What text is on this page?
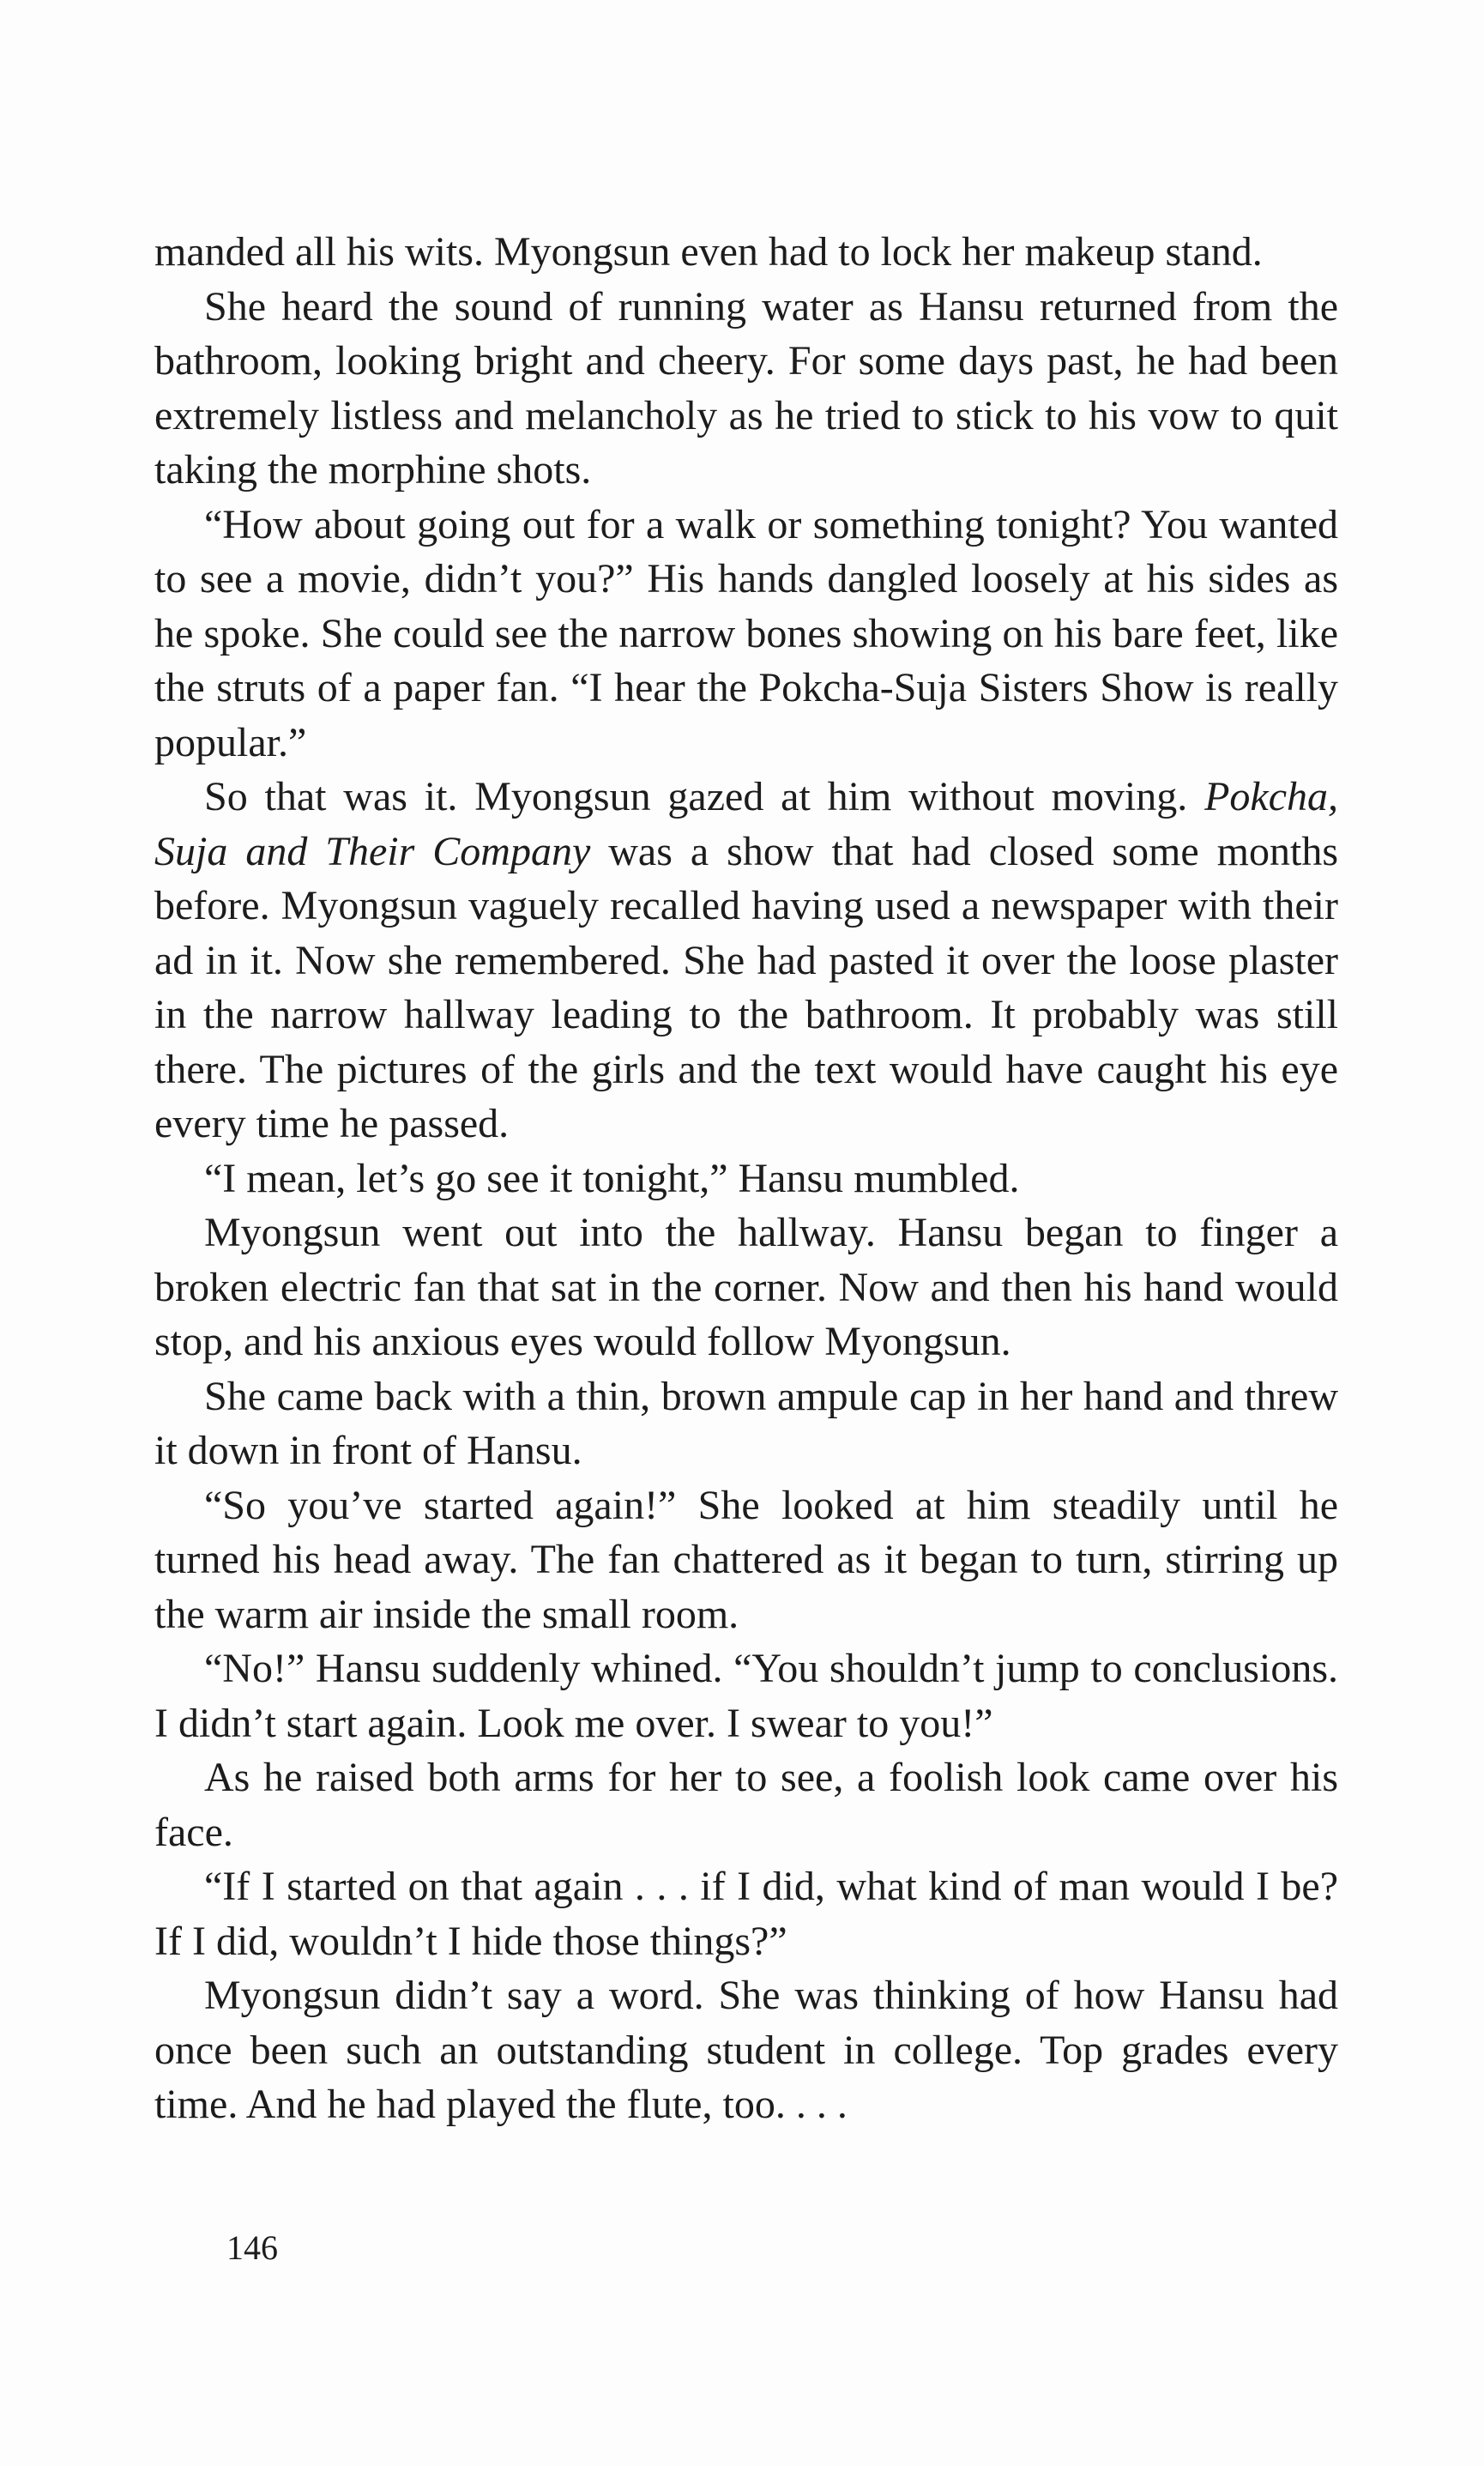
manded all his wits. Myongsun even had to lock her makeup stand.

She heard the sound of running water as Hansu returned from the bathroom, looking bright and cheery. For some days past, he had been extremely listless and melancholy as he tried to stick to his vow to quit taking the morphine shots.

“How about going out for a walk or something tonight? You wanted to see a movie, didn’t you?” His hands dangled loosely at his sides as he spoke. She could see the narrow bones showing on his bare feet, like the struts of a paper fan. “I hear the Pokcha-Suja Sisters Show is really popular.”

So that was it. Myongsun gazed at him without moving. Pokcha, Suja and Their Company was a show that had closed some months before. Myongsun vaguely recalled having used a newspaper with their ad in it. Now she remembered. She had pasted it over the loose plaster in the narrow hallway leading to the bathroom. It probably was still there. The pictures of the girls and the text would have caught his eye every time he passed.

“I mean, let’s go see it tonight,” Hansu mumbled.

Myongsun went out into the hallway. Hansu began to finger a broken electric fan that sat in the corner. Now and then his hand would stop, and his anxious eyes would follow Myongsun.

She came back with a thin, brown ampule cap in her hand and threw it down in front of Hansu.

“So you’ve started again!” She looked at him steadily until he turned his head away. The fan chattered as it began to turn, stirring up the warm air inside the small room.

“No!” Hansu suddenly whined. “You shouldn’t jump to conclusions. I didn’t start again. Look me over. I swear to you!”

As he raised both arms for her to see, a foolish look came over his face.

“If I started on that again . . . if I did, what kind of man would I be? If I did, wouldn’t I hide those things?”

Myongsun didn’t say a word. She was thinking of how Hansu had once been such an outstanding student in college. Top grades every time. And he had played the flute, too. . . .

146
